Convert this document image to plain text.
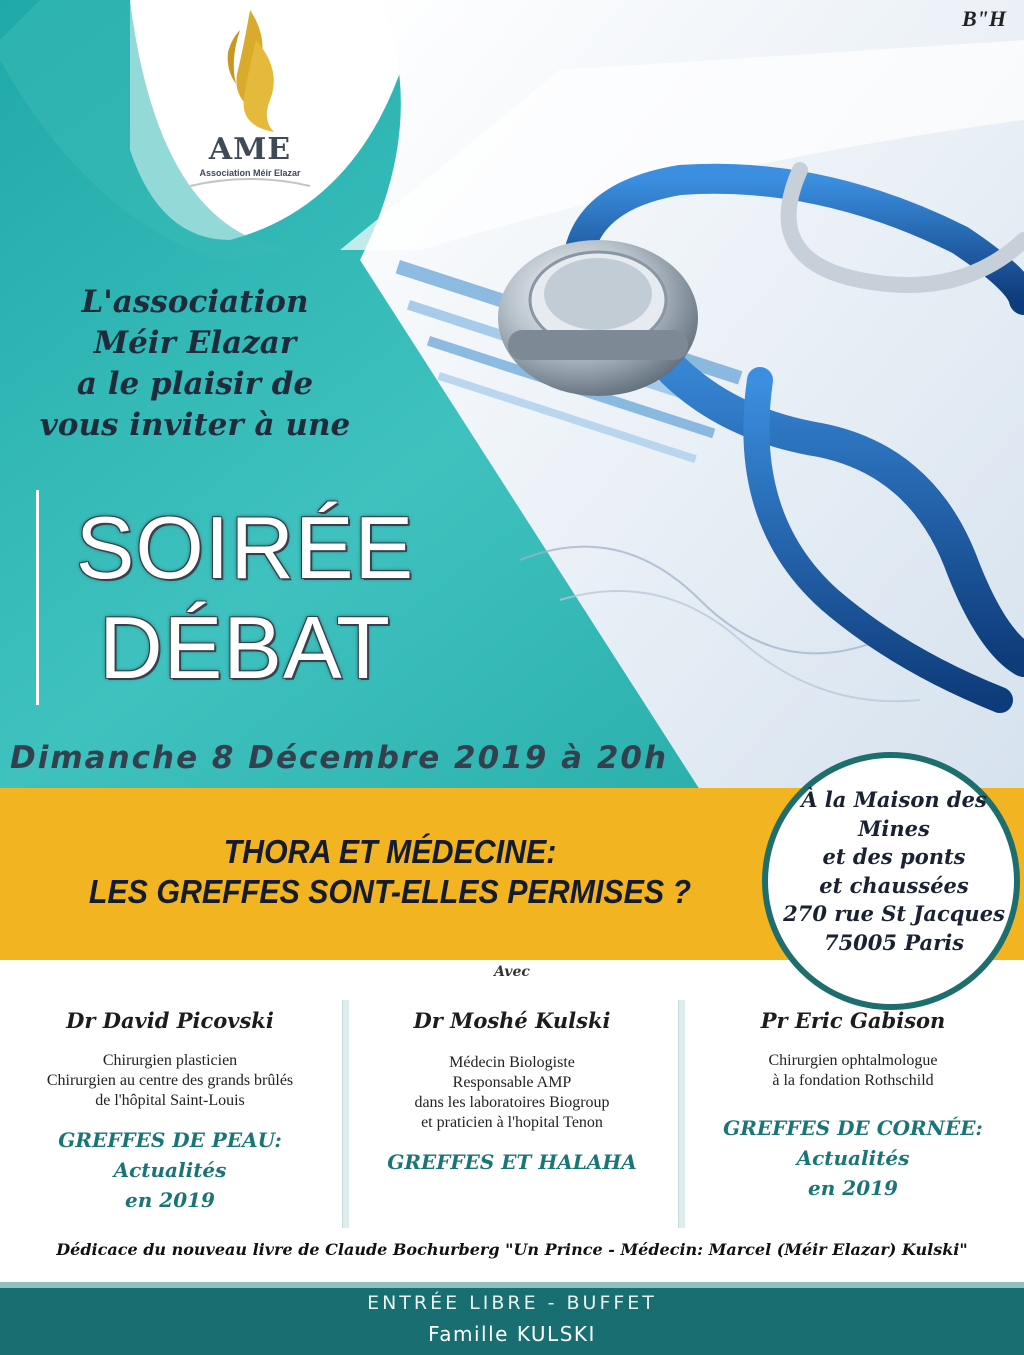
AME
Association Méir Elazar
B"H
L'association
Méir Elazar
a le plaisir de
vous inviter à une
SOIRÉE
DÉBAT
Dimanche 8 Décembre 2019 à 20h
THORA ET MÉDECINE:
LES GREFFES SONT-ELLES PERMISES ?
À la Maison des
Mines
et des ponts
et chaussées
270 rue St Jacques
75005 Paris
Avec
Dr David Picovski
Chirurgien plasticien
Chirurgien au centre des grands brûlés
de l'hôpital Saint-Louis
GREFFES DE PEAU:
Actualités
en 2019
Dr Moshé Kulski
Médecin Biologiste
Responsable AMP
dans les laboratoires Biogroup
et praticien à l'hopital Tenon
GREFFES ET HALAHA
Pr Eric Gabison
Chirurgien ophtalmologue
à la fondation Rothschild
GREFFES DE CORNÉE:
Actualités
en 2019
Dédicace du nouveau livre de Claude Bochurberg "Un Prince - Médecin: Marcel (Méir Elazar) Kulski"
ENTRÉE LIBRE - BUFFET
Famille KULSKI
